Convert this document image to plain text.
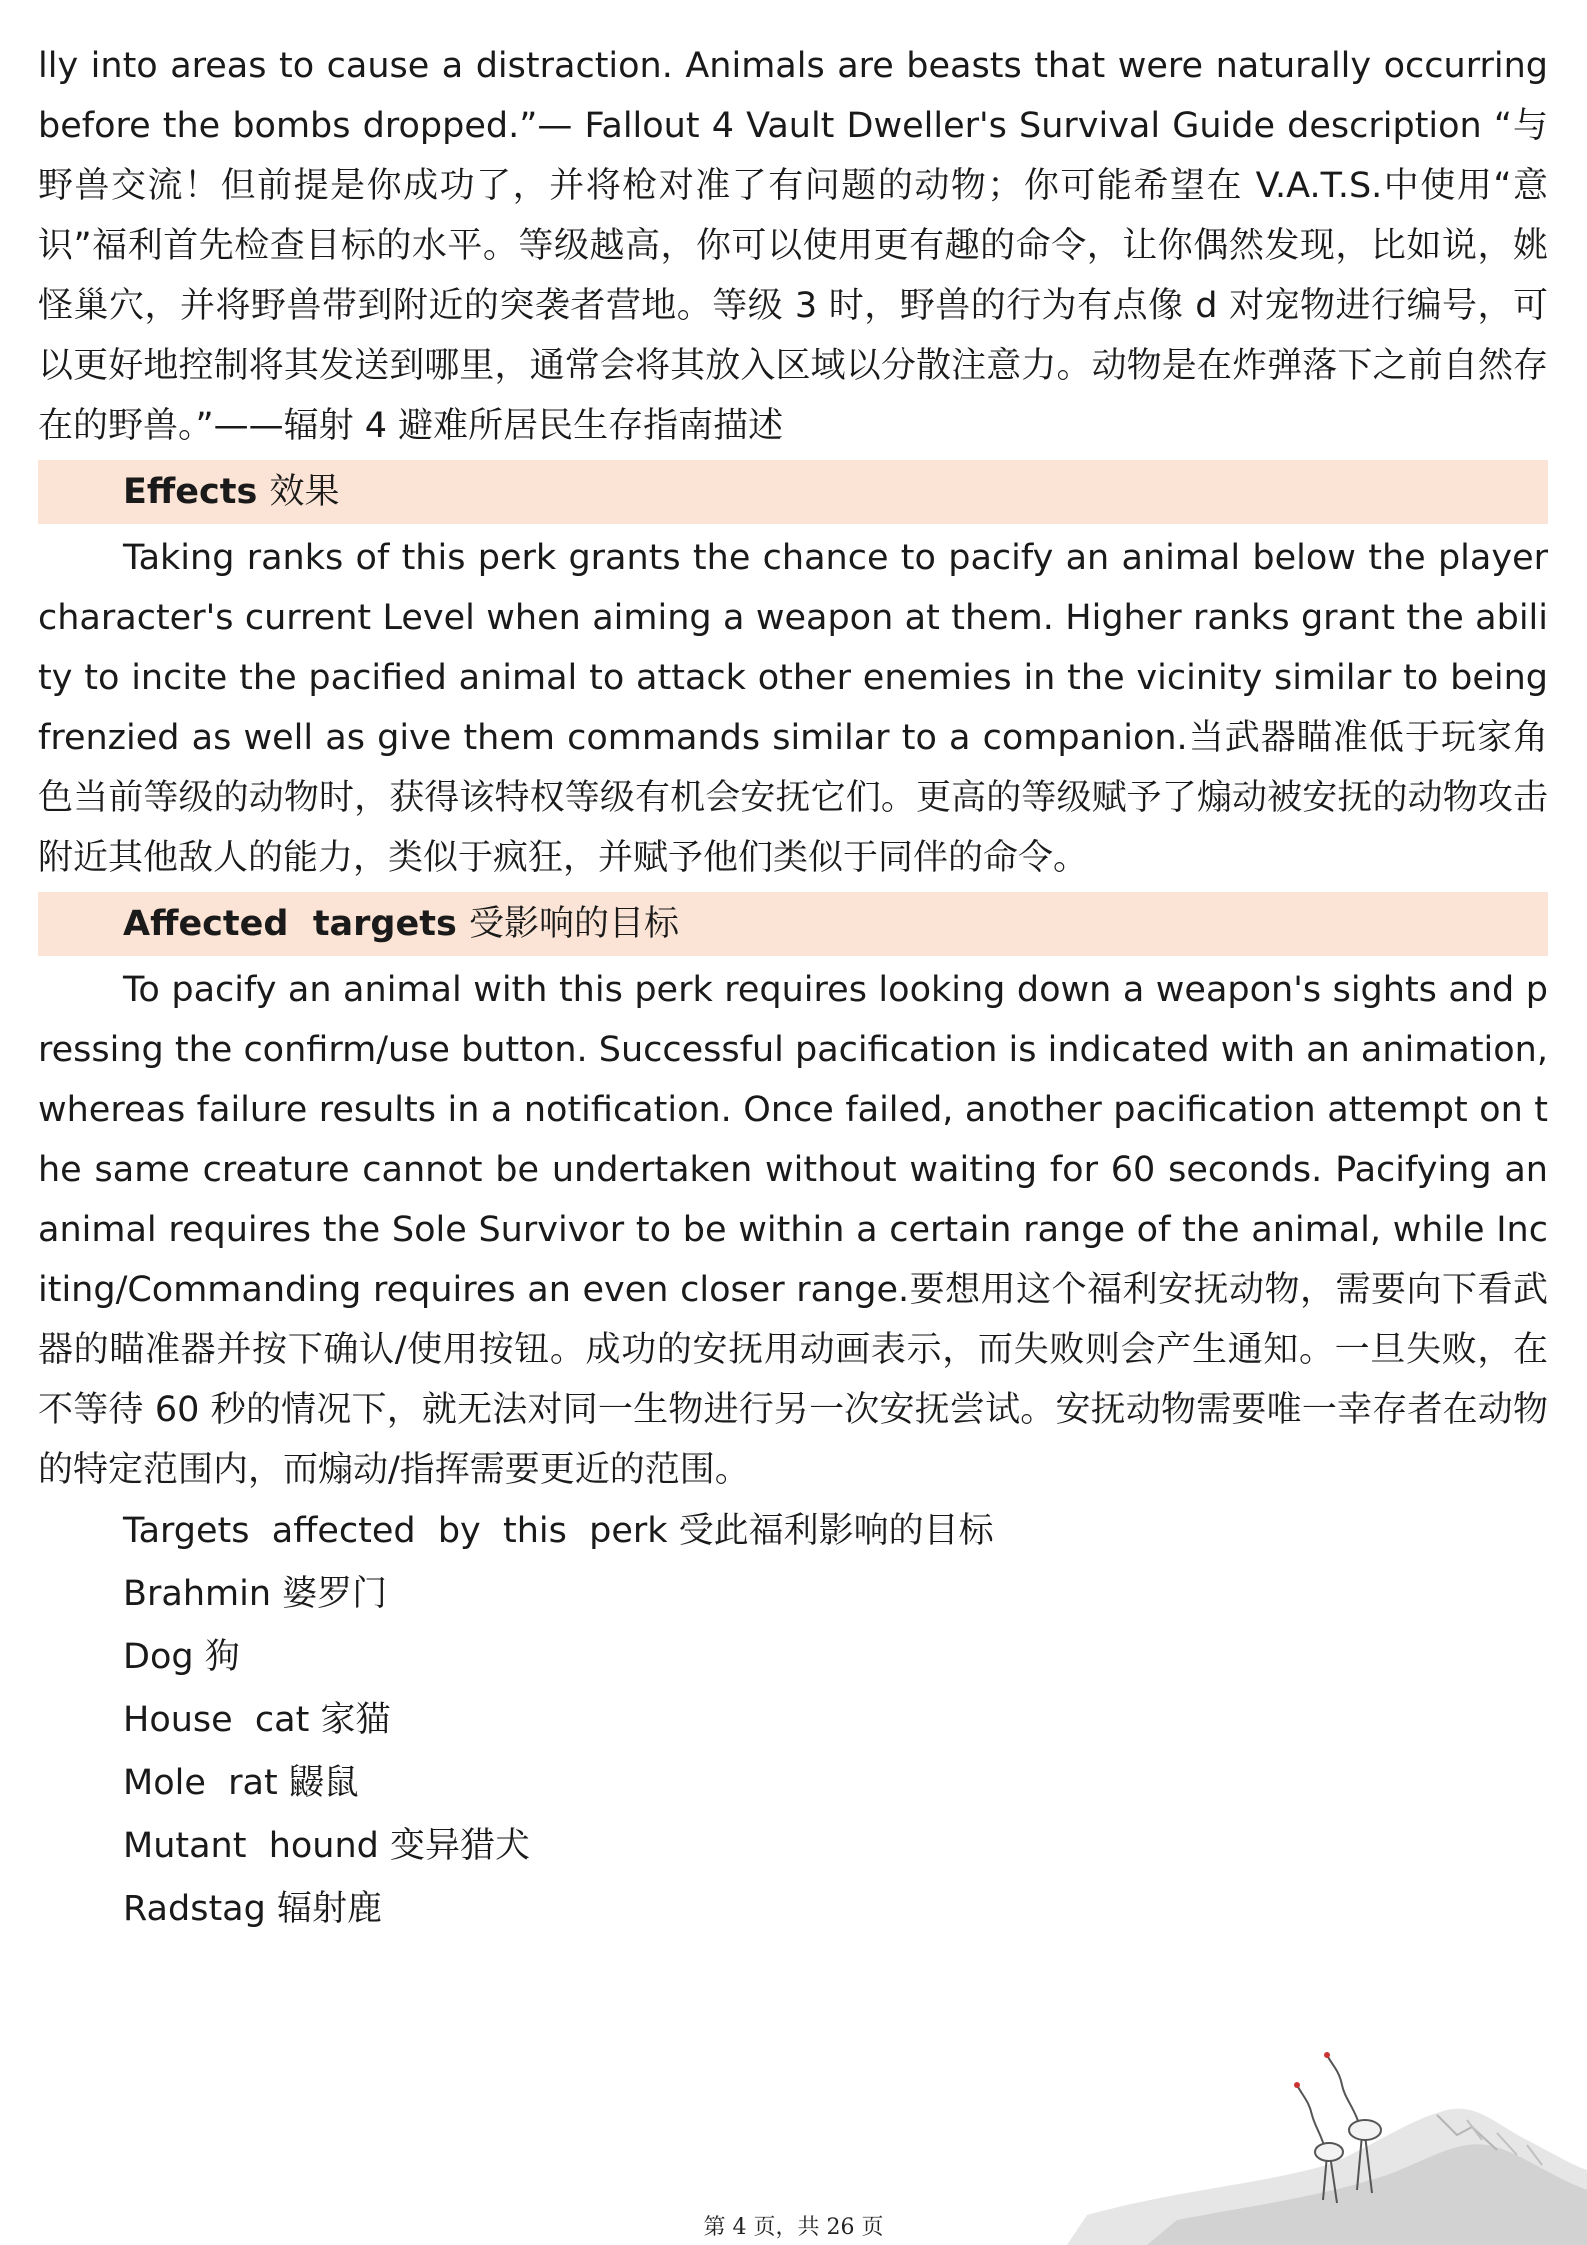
lly into areas to cause a distraction. Animals are beasts that were naturally occurring before the bombs dropped.”— Fallout 4 Vault Dweller's Survival Guide description “与野兽交流！但前提是你成功了，并将枪对准了有问题的动物；你可能希望在 V.A.T.S.中使用“意识”福利首先检查目标的水平。等级越高，你可以使用更有趣的命令，让你偶然发现，比如说，姚怪巢穴，并将野兽带到附近的突袭者营地。等级 3 时，野兽的行为有点像 d 对宠物进行编号，可以更好地控制将其发送到哪里，通常会将其放入区域以分散注意力。动物是在炸弹落下之前自然存在的野兽。”——辐射 4 避难所居民生存指南描述

Effects 效果

Taking ranks of this perk grants the chance to pacify an animal below the player character's current Level when aiming a weapon at them. Higher ranks grant the ability to incite the pacified animal to attack other enemies in the vicinity similar to being frenzied as well as give them commands similar to a companion.当武器瞄准低于玩家角色当前等级的动物时，获得该特权等级有机会安抚它们。更高的等级赋予了煽动被安抚的动物攻击附近其他敌人的能力，类似于疯狂，并赋予他们类似于同伴的命令。

Affected  targets 受影响的目标

To pacify an animal with this perk requires looking down a weapon's sights and pressing the confirm/use button. Successful pacification is indicated with an animation, whereas failure results in a notification. Once failed, another pacification attempt on the same creature cannot be undertaken without waiting for 60 seconds. Pacifying an animal requires the Sole Survivor to be within a certain range of the animal, while Inciting/Commanding requires an even closer range.要想用这个福利安抚动物，需要向下看武器的瞄准器并按下确认/使用按钮。成功的安抚用动画表示，而失败则会产生通知。一旦失败，在不等待 60 秒的情况下，就无法对同一生物进行另一次安抚尝试。安抚动物需要唯一幸存者在动物的特定范围内，而煽动/指挥需要更近的范围。

Targets  affected  by  this  perk 受此福利影响的目标

Brahmin 婆罗门

Dog 狗

House  cat 家猫

Mole  rat 鼹鼠

Mutant  hound 变异猎犬

Radstag 辐射鹿

第 4 页，共 26 页
